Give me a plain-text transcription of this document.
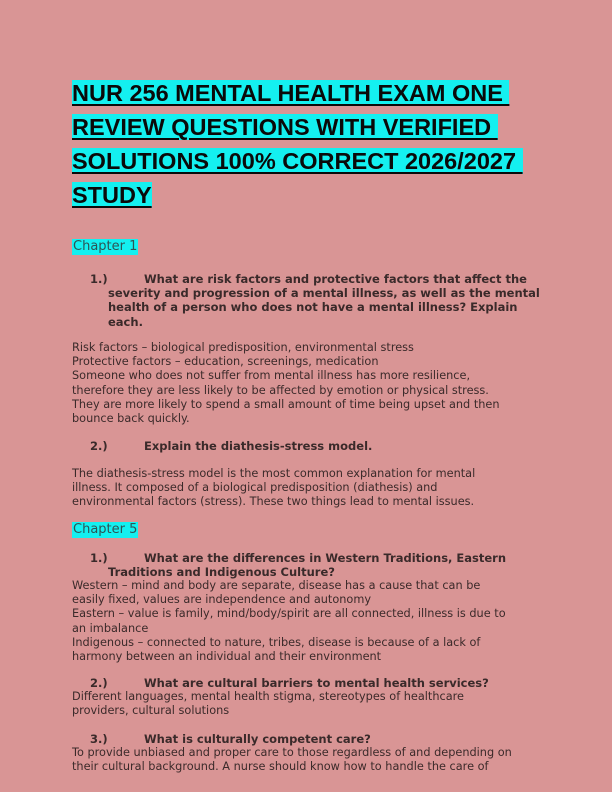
NUR 256 MENTAL HEALTH EXAM ONE
REVIEW QUESTIONS WITH VERIFIED
SOLUTIONS 100% CORRECT 2026/2027
STUDY
Chapter 1
1.)	What are risk factors and protective factors that affect the severity and progression of a mental illness, as well as the mental health of a person who does not have a mental illness? Explain each.
Risk factors – biological predisposition, environmental stress
Protective factors – education, screenings, medication
Someone who does not suffer from mental illness has more resilience,
therefore they are less likely to be affected by emotion or physical stress.
They are more likely to spend a small amount of time being upset and then
bounce back quickly.
2.)	Explain the diathesis-stress model.
The diathesis-stress model is the most common explanation for mental
illness. It composed of a biological predisposition (diathesis) and
environmental factors (stress). These two things lead to mental issues.
Chapter 5
1.)	What are the differences in Western Traditions, Eastern Traditions and Indigenous Culture?
Western – mind and body are separate, disease has a cause that can be
easily fixed, values are independence and autonomy
Eastern – value is family, mind/body/spirit are all connected, illness is due to
an imbalance
Indigenous – connected to nature, tribes, disease is because of a lack of
harmony between an individual and their environment
2.)	What are cultural barriers to mental health services?
Different languages, mental health stigma, stereotypes of healthcare
providers, cultural solutions
3.)	What is culturally competent care?
To provide unbiased and proper care to those regardless of and depending on
their cultural background. A nurse should know how to handle the care of
